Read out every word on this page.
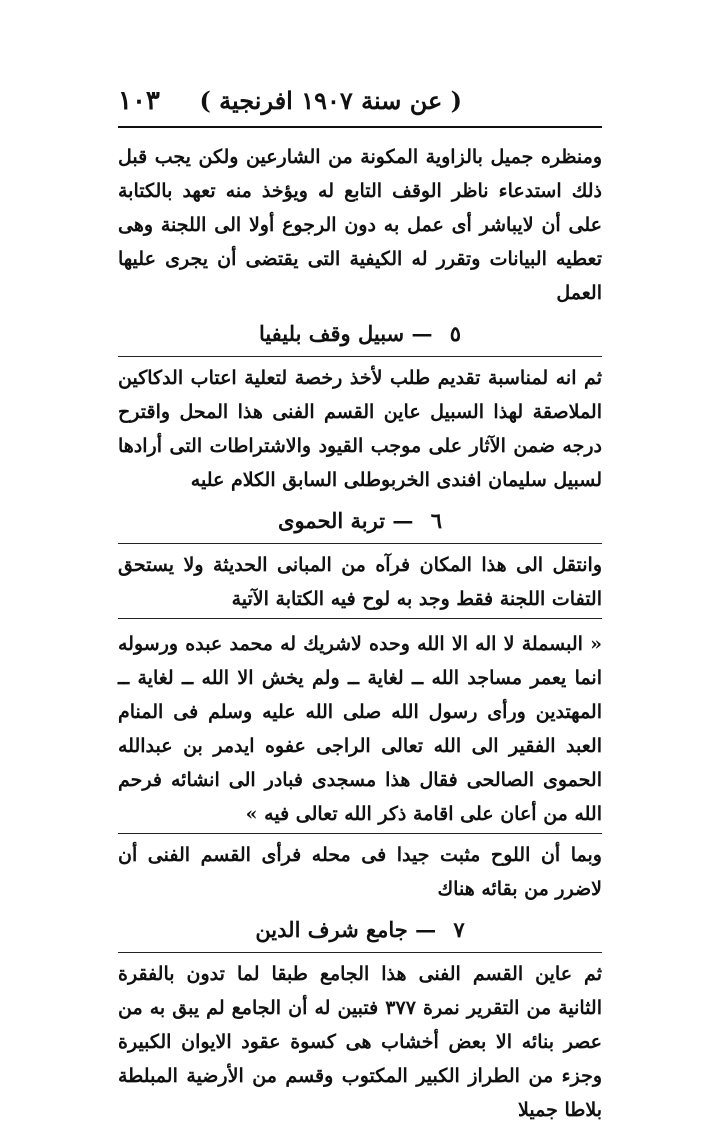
١٠٣ ( عن سنة ١٩٠٧ افرنجية )

ومنظره جميل بالزاوية المكونة من الشارعين ولكن يجب قبل ذلك استدعاء ناظر الوقف التابع له ويؤخذ منه تعهد بالكتابة على أن لايباشر أى عمل به دون الرجوع أولا الى اللجنة وهى تعطيه البيانات وتقرر له الكيفية التى يقتضى أن يجرى عليها العمل

٥ — سبيل وقف بليفيا

ثم انه لمناسبة تقديم طلب لأخذ رخصة لتعلية اعتاب الدكاكين الملاصقة لهذا السبيل عاين القسم الفنى هذا المحل واقترح درجه ضمن الآثار على موجب القيود والاشتراطات التى أرادها لسبيل سليمان افندى الخربوطلى السابق الكلام عليه

٦ — تربة الحموى

وانتقل الى هذا المكان فرآه من المبانى الحديثة ولا يستحق التفات اللجنة فقط وجد به لوح فيه الكتابة الآتية

« البسملة لا اله الا الله وحده لاشريك له محمد عبده ورسوله انما يعمر مساجد الله ــ لغاية ــ ولم يخش الا الله ــ لغاية ــ المهتدين ورأى رسول الله صلى الله عليه وسلم فى المنام العبد الفقير الى الله تعالى الراجى عفوه ايدمر بن عبدالله الحموى الصالحى فقال هذا مسجدى فبادر الى انشائه فرحم الله من أعان على اقامة ذكر الله تعالى فيه »

وبما أن اللوح مثبت جيدا فى محله فرأى القسم الفنى أن لاضرر من بقائه هناك

٧ — جامع شرف الدين

ثم عاين القسم الفنى هذا الجامع طبقا لما تدون بالفقرة الثانية من التقرير نمرة ٣٧٧ فتبين له أن الجامع لم يبق به من عصر بنائه الا بعض أخشاب هى كسوة عقود الايوان الكبيرة وجزء من الطراز الكبير المكتوب وقسم من الأرضية المبلطة بلاطا جميلا
